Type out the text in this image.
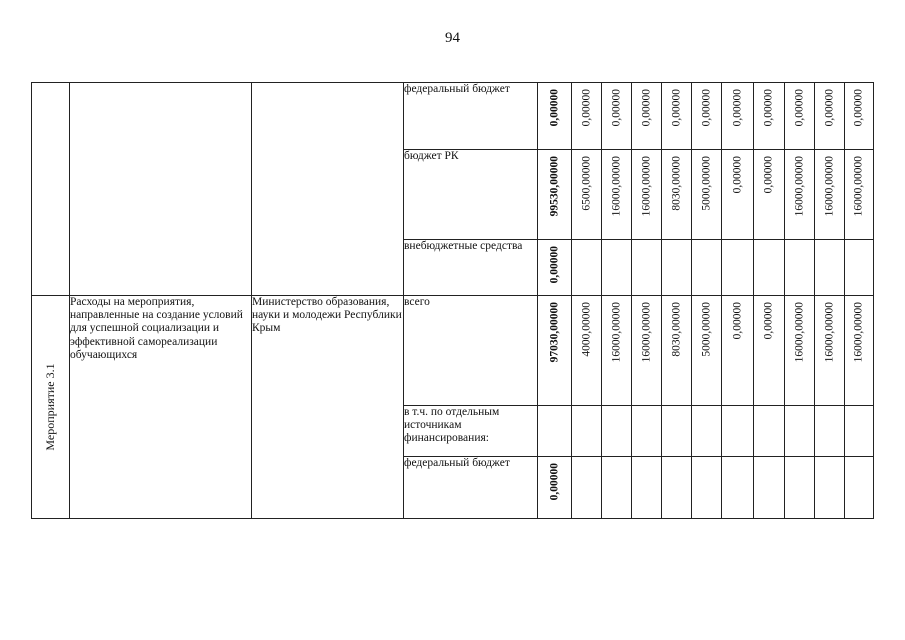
94
			федеральный бюджет	0,00000	0,00000	0,00000	0,00000	0,00000	0,00000	0,00000	0,00000	0,00000	0,00000	0,00000

			бюджет РК	99530,00000	6500,00000	16000,00000	16000,00000	8030,00000	5000,00000	0,00000	0,00000	16000,00000	16000,00000	16000,00000

			внебюджетные средства	0,00000										

Мероприятие 3.1	Расходы на мероприятия, направленные на создание условий для успешной социализации и эффективной самореализации обучающихся	Министерство образования, науки и молодежи Республики Крым	всего	97030,00000	4000,00000	16000,00000	16000,00000	8030,00000	5000,00000	0,00000	0,00000	16000,00000	16000,00000	16000,00000

			в т.ч. по отдельным источникам финансирования:	

			федеральный бюджет	0,00000										
